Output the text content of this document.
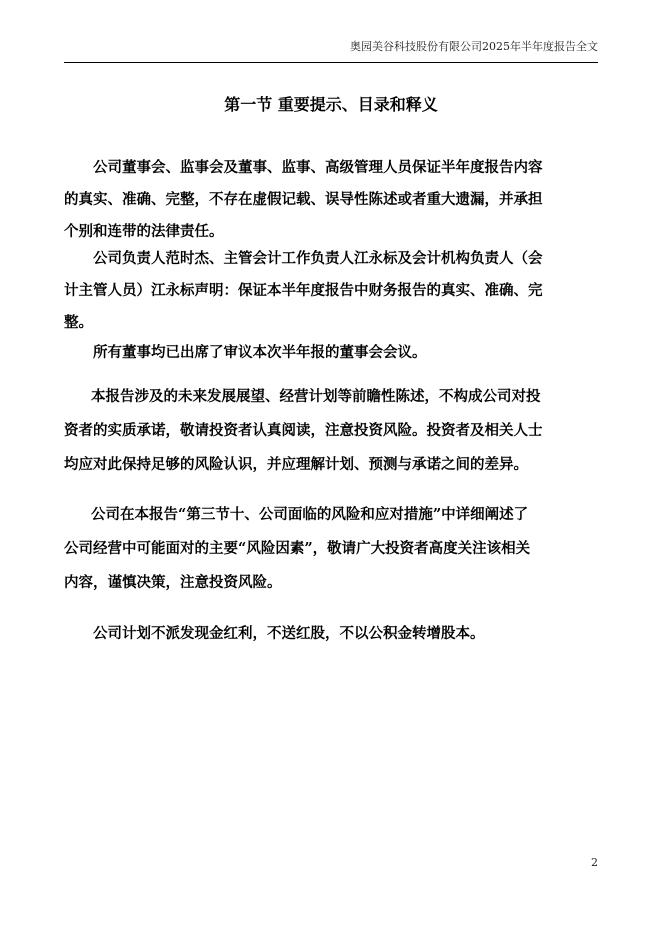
奥园美谷科技股份有限公司2025年半年度报告全文
第一节 重要提示、目录和释义
公司董事会、监事会及董事、监事、高级管理人员保证半年度报告内容
的真实、准确、完整，不存在虚假记载、误导性陈述或者重大遗漏，并承担
个别和连带的法律责任。
公司负责人范时杰、主管会计工作负责人江永标及会计机构负责人（会
计主管人员）江永标声明：保证本半年度报告中财务报告的真实、准确、完
整。
所有董事均已出席了审议本次半年报的董事会会议。
本报告涉及的未来发展展望、经营计划等前瞻性陈述，不构成公司对投
资者的实质承诺，敬请投资者认真阅读，注意投资风险。投资者及相关人士
均应对此保持足够的风险认识，并应理解计划、预测与承诺之间的差异。
公司在本报告“第三节十、公司面临的风险和应对措施”中详细阐述了
公司经营中可能面对的主要“风险因素”，敬请广大投资者高度关注该相关
内容，谨慎决策，注意投资风险。
公司计划不派发现金红利，不送红股，不以公积金转增股本。
2
